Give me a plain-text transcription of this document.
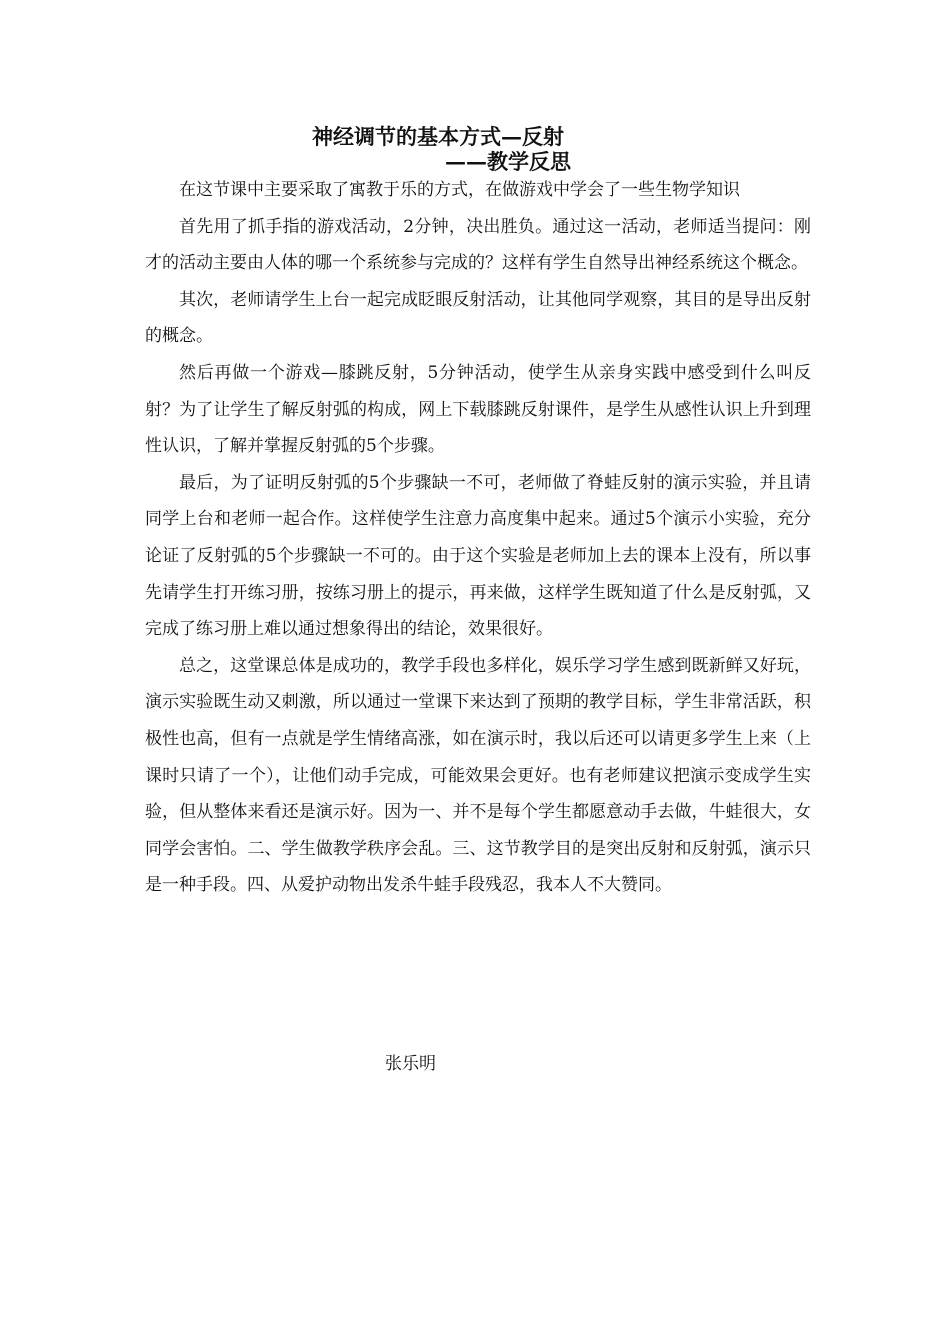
神经调节的基本方式—反射
——教学反思

在这节课中主要采取了寓教于乐的方式，在做游戏中学会了一些生物学知识

首先用了抓手指的游戏活动，2分钟，决出胜负。通过这一活动，老师适当提问：刚才的活动主要由人体的哪一个系统参与完成的？这样有学生自然导出神经系统这个概念。

其次，老师请学生上台一起完成眨眼反射活动，让其他同学观察，其目的是导出反射的概念。

然后再做一个游戏—膝跳反射，5分钟活动，使学生从亲身实践中感受到什么叫反射？为了让学生了解反射弧的构成，网上下载膝跳反射课件，是学生从感性认识上升到理性认识，了解并掌握反射弧的5个步骤。

最后，为了证明反射弧的5个步骤缺一不可，老师做了脊蛙反射的演示实验，并且请同学上台和老师一起合作。这样使学生注意力高度集中起来。通过5个演示小实验，充分论证了反射弧的5个步骤缺一不可的。由于这个实验是老师加上去的课本上没有，所以事先请学生打开练习册，按练习册上的提示，再来做，这样学生既知道了什么是反射弧，又完成了练习册上难以通过想象得出的结论，效果很好。

总之，这堂课总体是成功的，教学手段也多样化，娱乐学习学生感到既新鲜又好玩，演示实验既生动又刺激，所以通过一堂课下来达到了预期的教学目标，学生非常活跃，积极性也高，但有一点就是学生情绪高涨，如在演示时，我以后还可以请更多学生上来（上课时只请了一个），让他们动手完成，可能效果会更好。也有老师建议把演示变成学生实验，但从整体来看还是演示好。因为一、并不是每个学生都愿意动手去做，牛蛙很大，女同学会害怕。二、学生做教学秩序会乱。三、这节教学目的是突出反射和反射弧，演示只是一种手段。四、从爱护动物出发杀牛蛙手段残忍，我本人不大赞同。

张乐明
